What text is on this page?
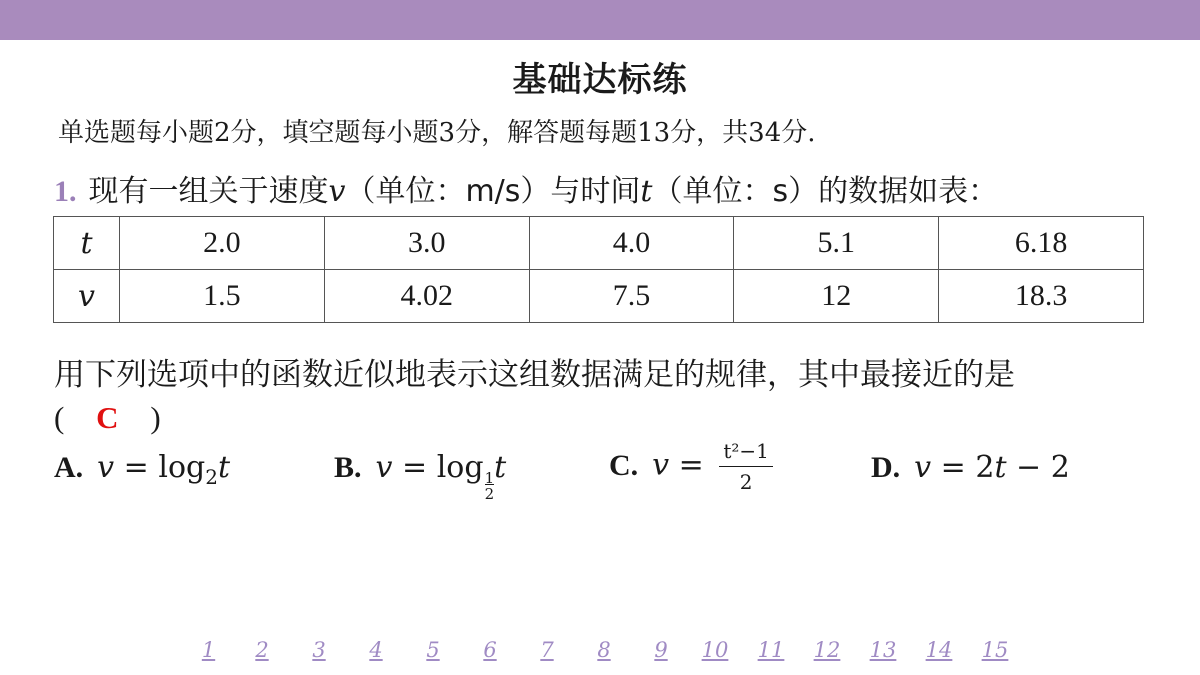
基础达标练
单选题每小题2分，填空题每小题3分，解答题每题13分，共34分.
1. 现有一组关于速度v（单位：m/s）与时间t（单位：s）的数据如表：
t	2.0	3.0	4.0	5.1	6.18
v	1.5	4.02	7.5	12	18.3
用下列选项中的函数近似地表示这组数据满足的规律，其中最接近的是
( C )
A. $v = \log_2t$	B. $v = \log\frac{1}{2}t$	C. $v = \frac{\text{t²−1}}{2}$	D. v = 2t − 2
1	2	3	4	5	6	7	8	9	10 11 12 13 14 15
